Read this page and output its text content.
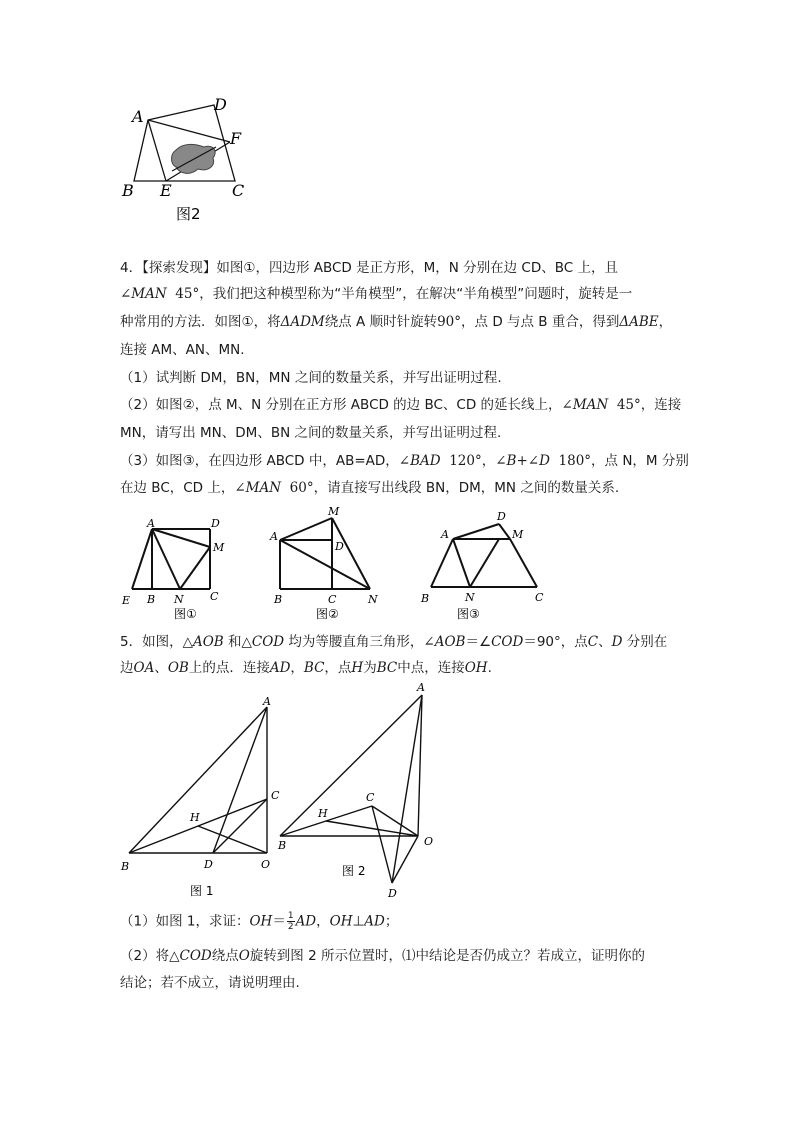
A
D
F
B E	C
图2
4．【探索发现】如图①，四边形 ABCD 是正方形，M，N 分别在边 CD、BC 上，且
∠MAN 45°，我们把这种模型称为“半角模型”，在解决“半角模型”问题时，旋转是一
种常用的方法．如图①，将ΔADM绕点 A 顺时针旋转90°，点 D 与点 B 重合，得到ΔABE，
连接 AM、AN、MN.
（1）试判断 DM，BN，MN 之间的数量关系，并写出证明过程.
（2）如图②，点 M、N 分别在正方形 ABCD 的边 BC、CD 的延长线上，∠MAN 45°，连接
MN，请写出 MN、DM、BN 之间的数量关系，并写出证明过程.
（3）如图③，在四边形 ABCD 中，AB=AD，∠BAD 120°，∠B+∠D 180°，点 N，M 分别
在边 BC，CD 上，∠MAN 60°，请直接写出线段 BN，DM，MN 之间的数量关系.
A	D
M
E B N C
图①
M
A
D
B	C	N
图②
D
A	M
B	N	C
图③
5．如图，△AOB 和△COD 均为等腰直角三角形，∠AOB＝∠COD＝90°，点C、D 分别在
边OA、OB上的点．连接AD，BC，点H为BC中点，连接OH.
A
C
H
B	D	O
图 1
A
C
H
B	O
D
图 2
（1）如图 1，求证：$OH= \frac{1}{2}$ AD，OH⊥AD；
（2）将△COD绕点O旋转到图 2 所示位置时，⑴中结论是否仍成立？若成立，证明你的
结论；若不成立，请说明理由.
